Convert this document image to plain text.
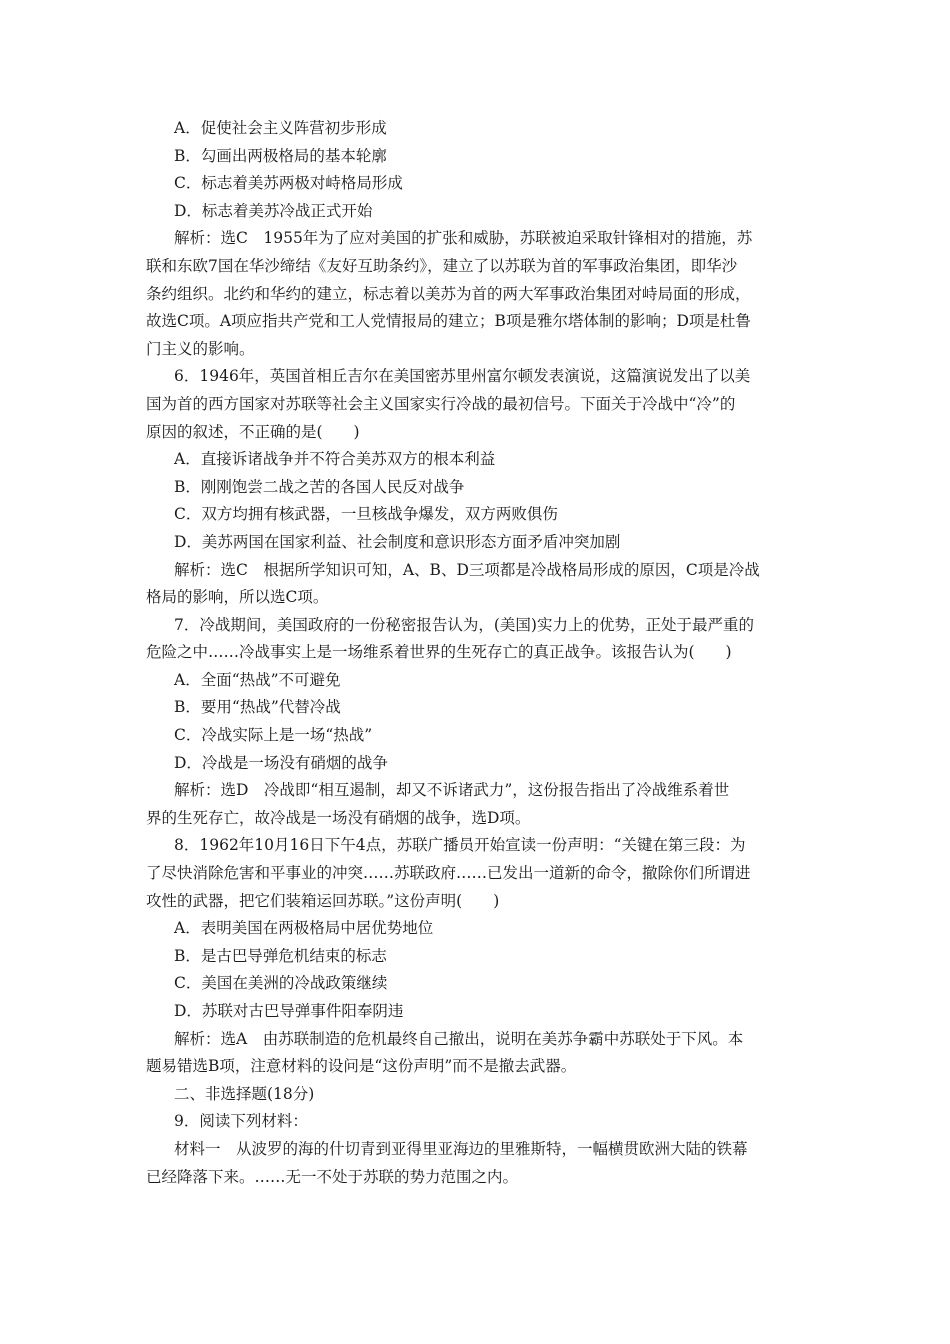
A．促使社会主义阵营初步形成
B．勾画出两极格局的基本轮廓
C．标志着美苏两极对峙格局形成
D．标志着美苏冷战正式开始
解析：选C　1955年为了应对美国的扩张和威胁，苏联被迫采取针锋相对的措施，苏
联和东欧7国在华沙缔结《友好互助条约》，建立了以苏联为首的军事政治集团，即华沙
条约组织。北约和华约的建立，标志着以美苏为首的两大军事政治集团对峙局面的形成，
故选C项。A项应指共产党和工人党情报局的建立；B项是雅尔塔体制的影响；D项是杜鲁
门主义的影响。
6．1946年，英国首相丘吉尔在美国密苏里州富尔顿发表演说，这篇演说发出了以美
国为首的西方国家对苏联等社会主义国家实行冷战的最初信号。下面关于冷战中“冷”的
原因的叙述，不正确的是(　　)
A．直接诉诸战争并不符合美苏双方的根本利益
B．刚刚饱尝二战之苦的各国人民反对战争
C．双方均拥有核武器，一旦核战争爆发，双方两败俱伤
D．美苏两国在国家利益、社会制度和意识形态方面矛盾冲突加剧
解析：选C　根据所学知识可知，A、B、D三项都是冷战格局形成的原因，C项是冷战
格局的影响，所以选C项。
7．冷战期间，美国政府的一份秘密报告认为，(美国)实力上的优势，正处于最严重的
危险之中……冷战事实上是一场维系着世界的生死存亡的真正战争。该报告认为(　　)
A．全面“热战”不可避免
B．要用“热战”代替冷战
C．冷战实际上是一场“热战”
D．冷战是一场没有硝烟的战争
解析：选D　冷战即“相互遏制，却又不诉诸武力”，这份报告指出了冷战维系着世
界的生死存亡，故冷战是一场没有硝烟的战争，选D项。
8．1962年10月16日下午4点，苏联广播员开始宣读一份声明：“关键在第三段：为
了尽快消除危害和平事业的冲突……苏联政府……已发出一道新的命令，撤除你们所谓进
攻性的武器，把它们装箱运回苏联。”这份声明(　　)
A．表明美国在两极格局中居优势地位
B．是古巴导弹危机结束的标志
C．美国在美洲的冷战政策继续
D．苏联对古巴导弹事件阳奉阴违
解析：选A　由苏联制造的危机最终自己撤出，说明在美苏争霸中苏联处于下风。本
题易错选B项，注意材料的设问是“这份声明”而不是撤去武器。
二、非选择题(18分)
9．阅读下列材料：
材料一　从波罗的海的什切青到亚得里亚海边的里雅斯特，一幅横贯欧洲大陆的铁幕
已经降落下来。……无一不处于苏联的势力范围之内。
